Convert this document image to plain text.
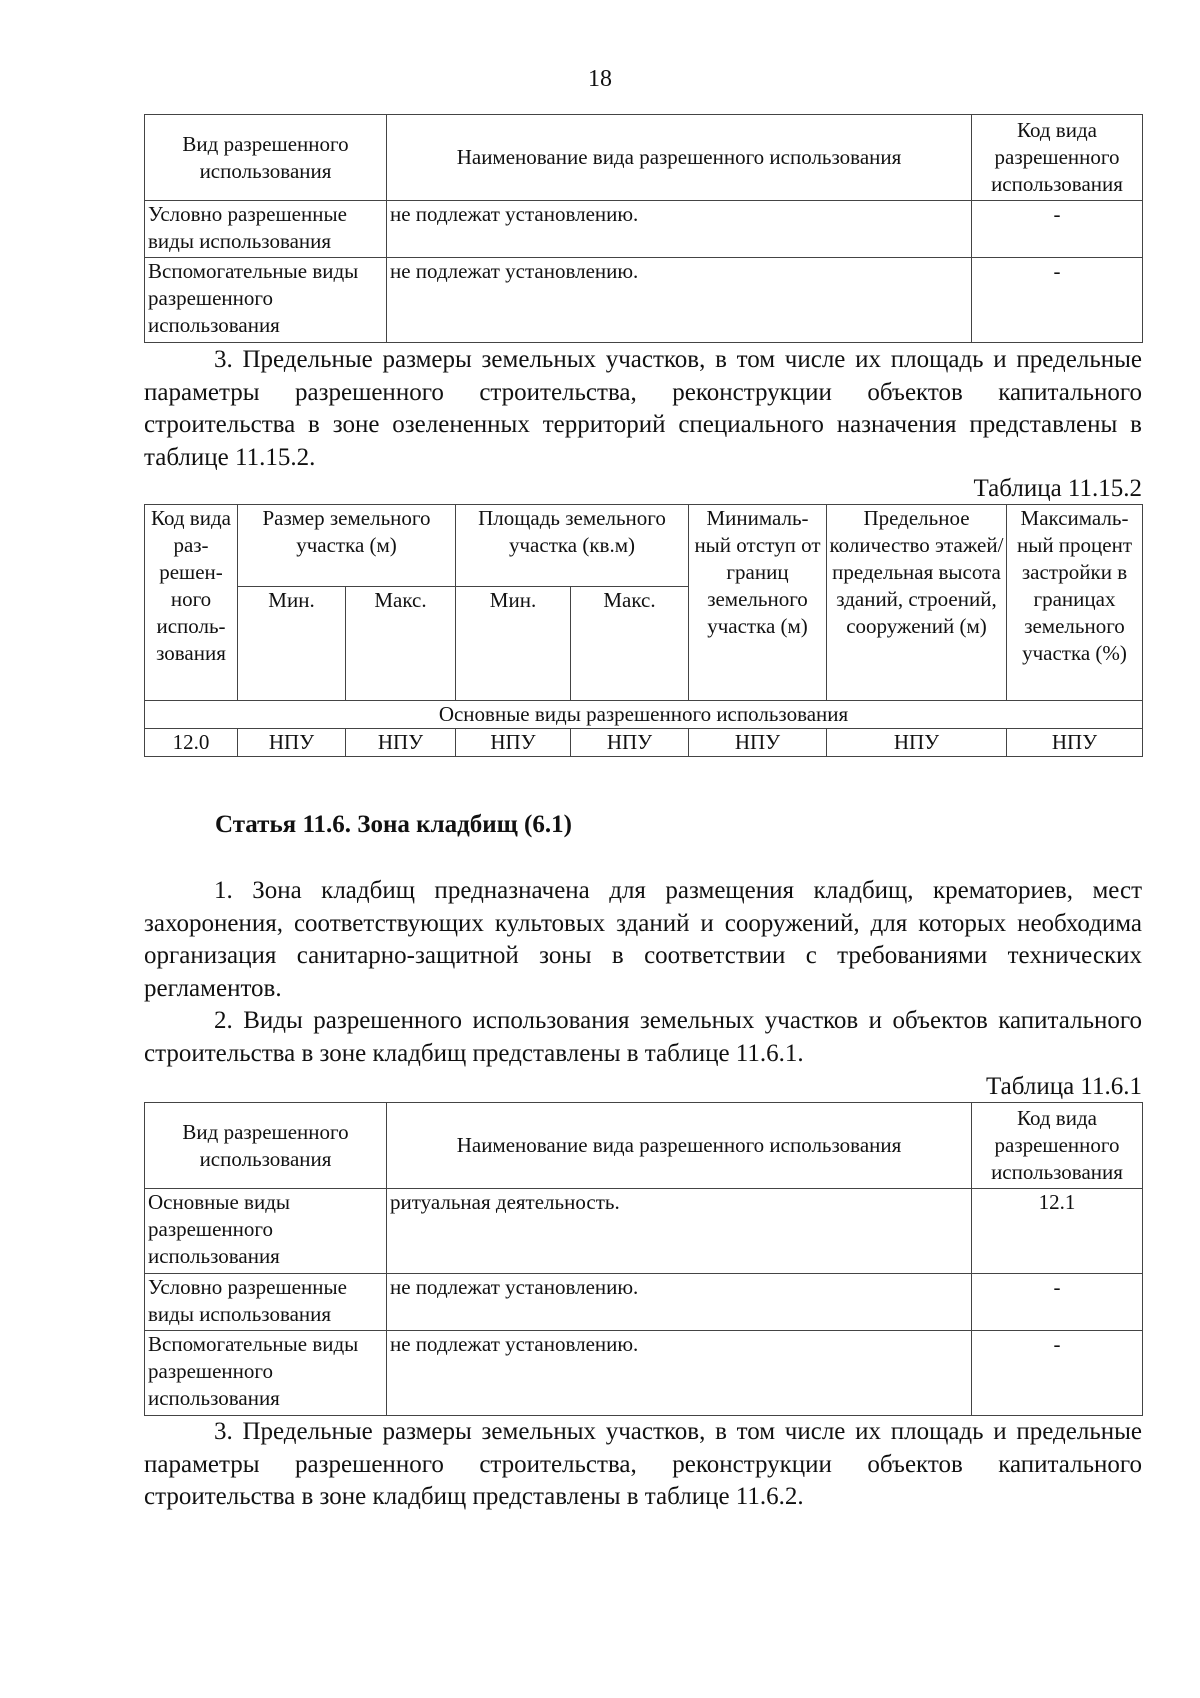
18
Вид разрешенного использования	Наименование вида разрешенного использования	Код вида разрешенного использования
Условно разрешенные виды использования	не подлежат установлению.	-
Вспомогательные виды разрешенного использования	не подлежат установлению.	-

3. Предельные размеры земельных участков, в том числе их площадь и предельные параметры разрешенного строительства, реконструкции объектов капитального строительства в зоне озелененных территорий специального назначения представлены в таблице 11.15.2.

Таблица 11.15.2
Код вида раз-решен-ного исполь-зования	Размер земельного участка (м)		Площадь земельного участка (кв.м)		Минималь-ный отступ от границ земельного участка (м)	Предельное количество этажей/ предельная высота зданий, строений, сооружений (м)	Максималь-ный процент застройки в границах земельного участка (%)
	Мин.	Макс.	Мин.	Макс.			
Основные виды разрешенного использования							
12.0	НПУ	НПУ	НПУ	НПУ	НПУ	НПУ	НПУ
Статья 11.6. Зона кладбищ (6.1)

1. Зона кладбищ предназначена для размещения кладбищ, крематориев, мест захоронения, соответствующих культовых зданий и сооружений, для которых необходима организация санитарно-защитной зоны в соответствии с требованиями технических регламентов.

2. Виды разрешенного использования земельных участков и объектов капитального строительства в зоне кладбищ представлены в таблице 11.6.1.

Таблица 11.6.1
Вид разрешенного использования	Наименование вида разрешенного использования	Код вида разрешенного использования
Основные виды разрешенного использования	ритуальная деятельность.	12.1
Условно разрешенные виды использования	не подлежат установлению.	-
Вспомогательные виды разрешенного использования	не подлежат установлению.	-

3. Предельные размеры земельных участков, в том числе их площадь и предельные параметры разрешенного строительства, реконструкции объектов капитального строительства в зоне кладбищ представлены в таблице 11.6.2.
